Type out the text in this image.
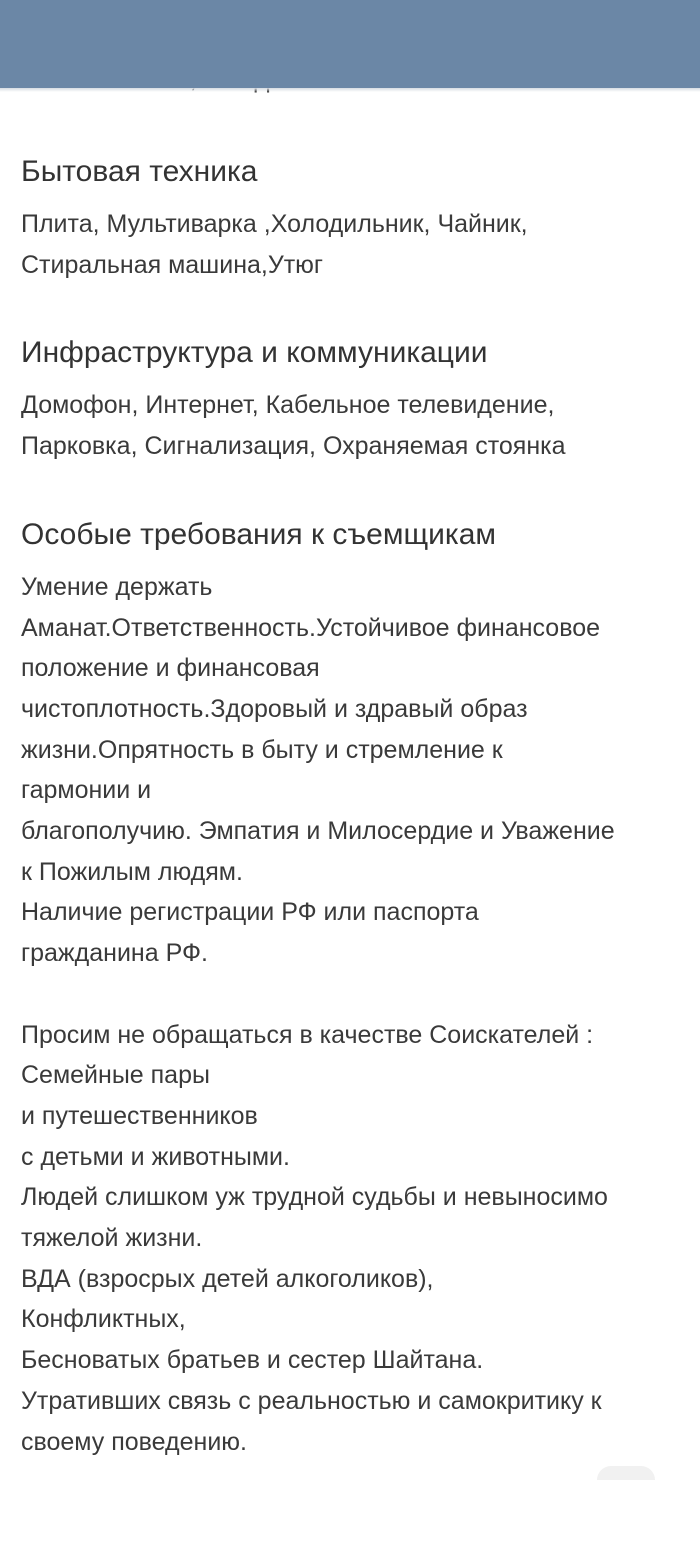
Бытовая техника

Плита, Мультиварка ,Холодильник, Чайник,
Стиральная машина,Утюг

Инфраструктура и коммуникации

Домофон, Интернет, Кабельное телевидение,
Парковка, Сигнализация, Охраняемая стоянка

Особые требования к съемщикам

Умение держать
Аманат.Ответственность.Устойчивое финансовое
положение и финансовая
чистоплотность.Здоровый и здравый образ
жизни.Опрятность в быту и стремление к
гармонии и
благополучию. Эмпатия и Милосердие и Уважение
к Пожилым людям.
Наличие регистрации РФ или паспорта
гражданина РФ.

Просим не обращаться в качестве Соискателей :
Семейные пары
и путешественников
с детьми и животными.
Людей слишком уж трудной судьбы и невыносимо
тяжелой жизни.
ВДА (взросрых детей алкоголиков),
Конфликтных,
Бесноватых братьев и сестер Шайтана.
Утративших связь с реальностью и самокритику к
своему поведению.
